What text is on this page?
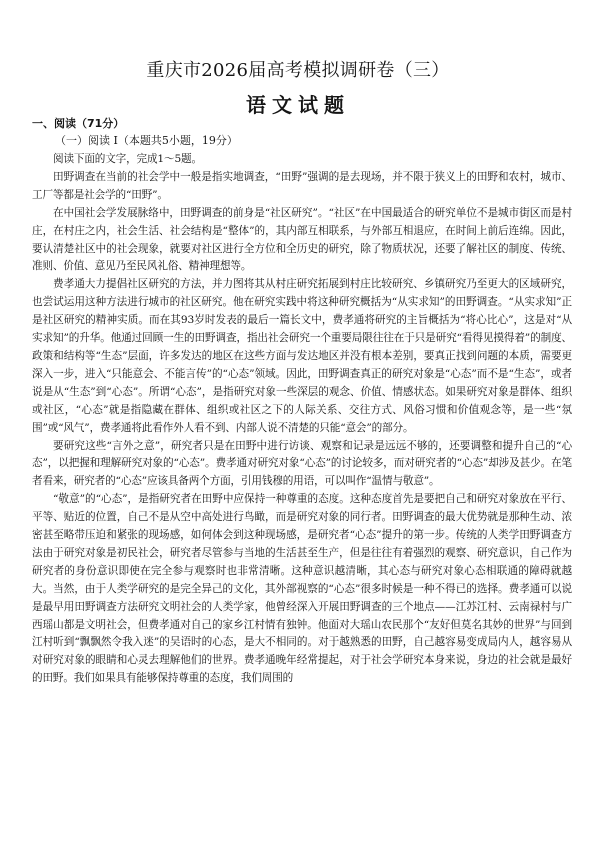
重庆市2026届高考模拟调研卷（三）
语文试题
一、阅读（71分）
（一）阅读 I（本题共5小题，19分）

阅读下面的文字，完成1～5题。

田野调查在当前的社会学中一般是指实地调查，“田野”强调的是去现场，并不限于狭义上的田野和农村，城市、工厂等都是社会学的“田野”。

在中国社会学发展脉络中，田野调查的前身是“社区研究”。“社区”在中国最适合的研究单位不是城市街区而是村庄，在村庄之内，社会生活、社会结构是“整体”的，其内部互相联系，与外部互相退应，在时间上前后连绵。因此，要认清楚社区中的社会现象，就要对社区进行全方位和全历史的研究，除了物质状况，还要了解社区的制度、传统、准则、价值、意见乃至民风礼俗、精神理想等。

费孝通大力提倡社区研究的方法，并力图将其从村庄研究拓展到村庄比较研究、乡镇研究乃至更大的区域研究，也尝试运用这种方法进行城市的社区研究。他在研究实践中将这种研究概括为“从实求知”的田野调查。“从实求知”正是社区研究的精神实质。而在其93岁时发表的最后一篇长文中，费孝通将研究的主旨概括为“将心比心”，这是对“从实求知”的升华。他通过回顾一生的田野调查，指出社会研究一个重要局限往往在于只是研究“看得见摸得着”的制度、政策和结构等“生态”层面，许多发达的地区在这些方面与发达地区并没有根本差别，要真正找到问题的本质，需要更深入一步，进入“只能意会、不能言传”的“心态”领域。因此，田野调查真正的研究对象是“心态”而不是“生态”，或者说是从“生态”到“心态”。所谓“心态”，是指研究对象一些深层的观念、价值、情感状态。如果研究对象是群体、组织或社区，“心态”就是指隐藏在群体、组织或社区之下的人际关系、交往方式、风俗习惯和价值观念等，是一些“氛围”或“风气”，费孝通将此看作外人看不到、内部人说不清楚的只能“意会”的部分。

要研究这些“言外之意”，研究者只是在田野中进行访谈、观察和记录是远远不够的，还要调整和提升自己的“心态”，以把握和理解研究对象的“心态”。费孝通对研究对象“心态”的讨论较多，而对研究者的“心态”却涉及甚少。在笔者看来，研究者的“心态”应该具备两个方面，引用钱穆的用语，可以叫作“温情与敬意”。

“敬意”的“心态”，是指研究者在田野中应保持一种尊重的态度。这种态度首先是要把自己和研究对象放在平行、平等、贴近的位置，自己不是从空中高处进行鸟瞰，而是研究对象的同行者。田野调查的最大优势就是那种生动、浓密甚至略带压迫和紧张的现场感，如何体会到这种现场感，是研究者“心态”提升的第一步。传统的人类学田野调查方法由于研究对象是初民社会，研究者尽管参与当地的生活甚至生产，但是往往有着强烈的观察、研究意识，自己作为研究者的身份意识即使在完全参与观察时也非常清晰。这种意识越清晰，其心态与研究对象心态相联通的障碍就越大。当然，由于人类学研究的是完全异己的文化，其外部视察的“心态”很多时候是一种不得已的选择。费孝通可以说是最早用田野调查方法研究文明社会的人类学家，他曾经深入开展田野调查的三个地点——江苏江村、云南禄村与广西瑶山都是文明社会，但费孝通对自己的家乡江村情有独钟。他面对大瑶山农民那个“友好但莫名其妙的世界”与回到江村听到“飘飘然令我入迷”的吴语时的心态，是大不相同的。对于越熟悉的田野，自己越容易变成局内人，越容易从对研究对象的眼睛和心灵去理解他们的世界。费孝通晚年经常提起，对于社会学研究本身来说，身边的社会就是最好的田野。我们如果具有能够保持尊重的态度，我们周围的
